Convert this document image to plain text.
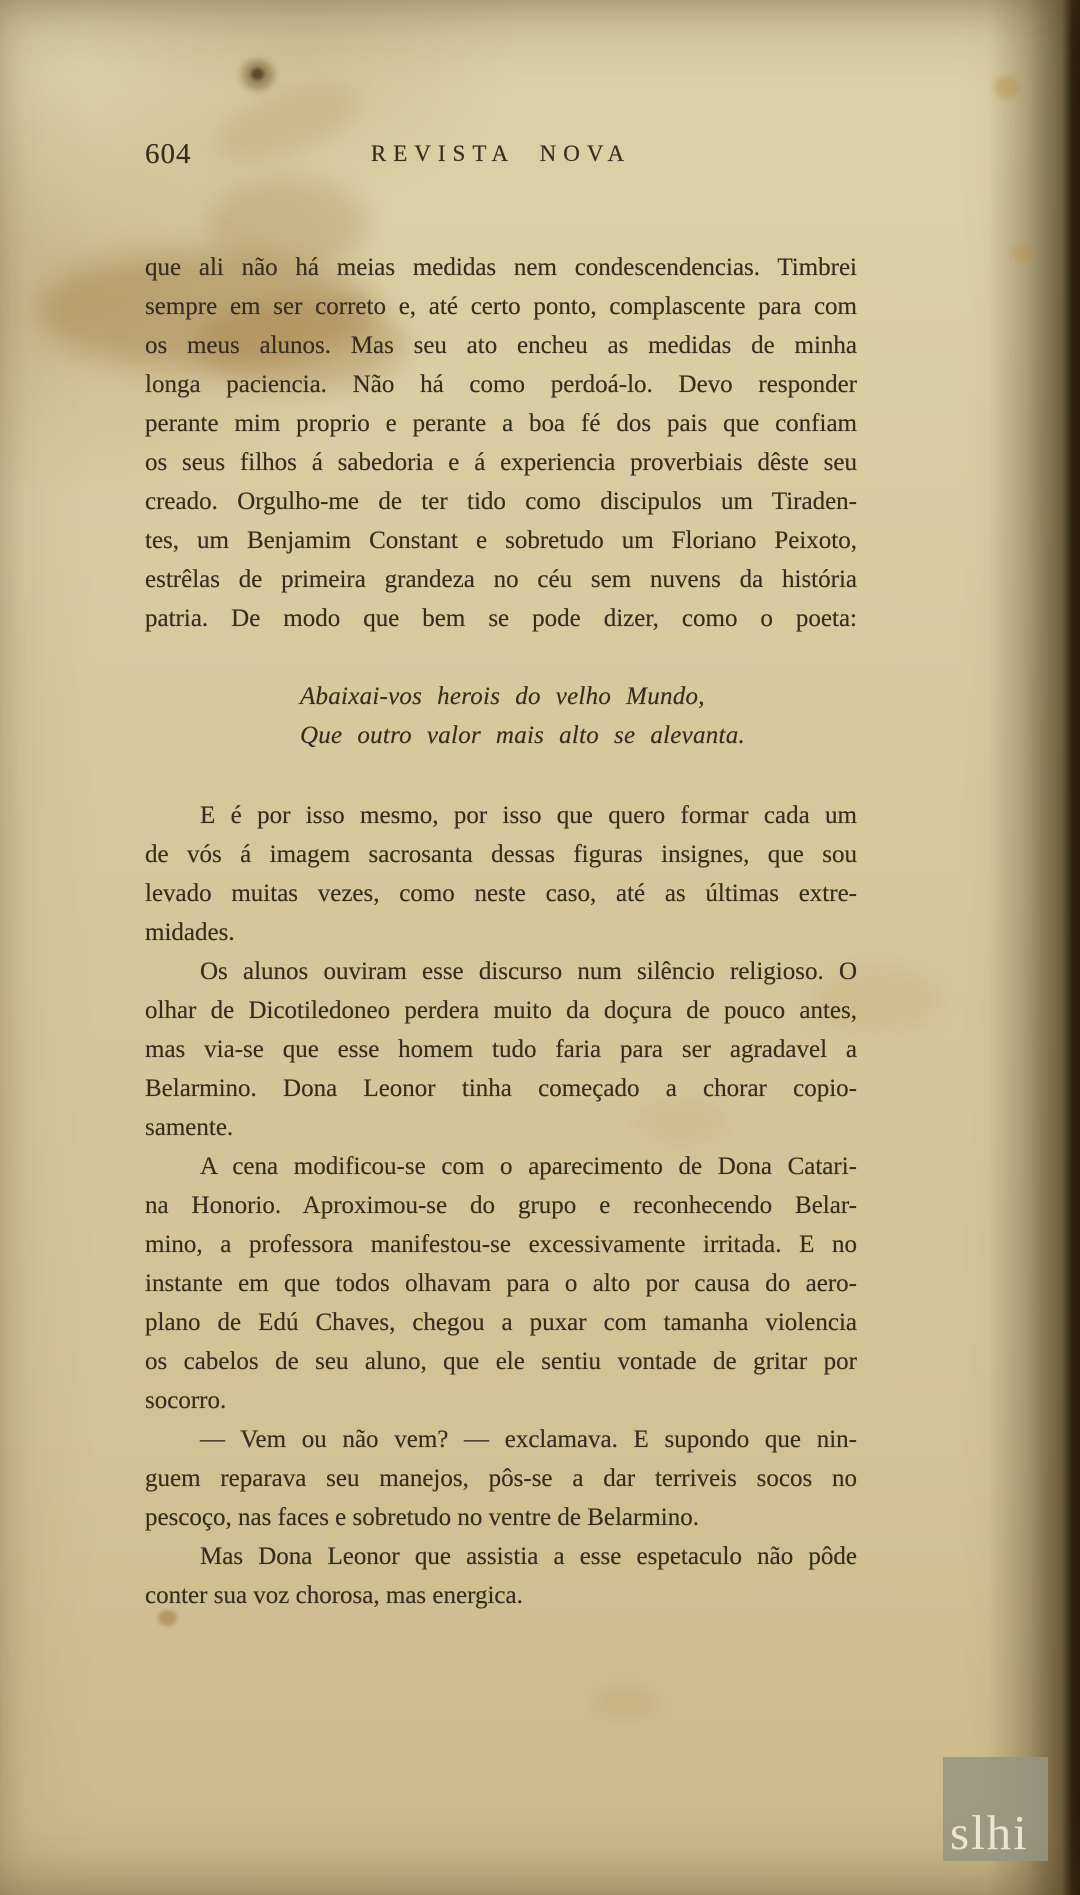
604	REVISTA NOVA
que ali não há meias medidas nem condescendencias. Timbrei
sempre em ser correto e, até certo ponto, complascente para com
os meus alunos. Mas seu ato encheu as medidas de minha
longa paciencia. Não há como perdoá-lo. Devo responder
perante mim proprio e perante a boa fé dos pais que confiam
os seus filhos á sabedoria e á experiencia proverbiais dêste seu
creado. Orgulho-me de ter tido como discipulos um Tiraden-
tes, um Benjamim Constant e sobretudo um Floriano Peixoto,
estrêlas de primeira grandeza no céu sem nuvens da história
patria. De modo que bem se pode dizer, como o poeta:
Abaixai-vos herois do velho Mundo,
Que outro valor mais alto se alevanta.
E é por isso mesmo, por isso que quero formar cada um
de vós á imagem sacrosanta dessas figuras insignes, que sou
levado muitas vezes, como neste caso, até as últimas extre-
midades.
Os alunos ouviram esse discurso num silêncio religioso. O
olhar de Dicotiledoneo perdera muito da doçura de pouco antes,
mas via-se que esse homem tudo faria para ser agradavel a
Belarmino. Dona Leonor tinha começado a chorar copio-
samente.
A cena modificou-se com o aparecimento de Dona Catari-
na Honorio. Aproximou-se do grupo e reconhecendo Belar-
mino, a professora manifestou-se excessivamente irritada. E no
instante em que todos olhavam para o alto por causa do aero-
plano de Edú Chaves, chegou a puxar com tamanha violencia
os cabelos de seu aluno, que ele sentiu vontade de gritar por
socorro.
— Vem ou não vem? — exclamava. E supondo que nin-
guem reparava seu manejos, pôs-se a dar terriveis socos no
pescoço, nas faces e sobretudo no ventre de Belarmino.
Mas Dona Leonor que assistia a esse espetaculo não pôde
conter sua voz chorosa, mas energica.
slhi
